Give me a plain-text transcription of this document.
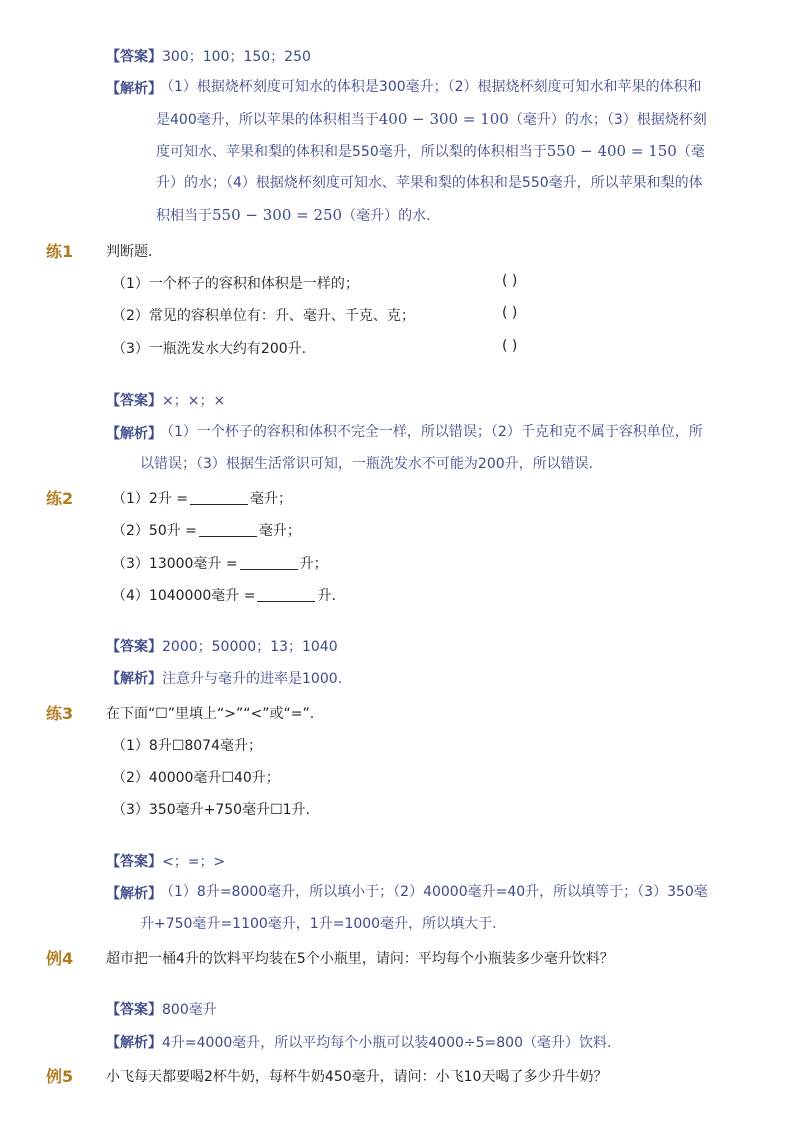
【答案】300；100；150；250
【解析】
（1）根据烧杯刻度可知水的体积是300毫升；（2）根据烧杯刻度可知水和苹果的体积和
是400毫升，所以苹果的体积相当于400 − 300 = 100（毫升）的水；（3）根据烧杯刻
度可知水、苹果和梨的体积和是550毫升，所以梨的体积相当于550 − 400 = 150（毫
升）的水；（4）根据烧杯刻度可知水、苹果和梨的体积和是550毫升，所以苹果和梨的体
积相当于550 − 300 = 250（毫升）的水.
练1 判断题.
（1）一个杯子的容积和体积是一样的；	( )
（2）常见的容积单位有：升、毫升、千克、克；	( )
（3）一瓶洗发水大约有200升.	( )
【答案】×；×；×
【解析】
（1）一个杯子的容积和体积不完全一样，所以错误；（2）千克和克不属于容积单位，所
以错误；（3）根据生活常识可知，一瓶洗发水不可能为200升，所以错误.
练2	（1）2升 =	毫升；
（2）50升 =	毫升；
（3）13000毫升 =	升；
（4）1040000毫升 =	升.
【答案】2000；50000；13；1040
【解析】注意升与毫升的进率是1000.
练3 在下面“☐”里填上“>”“<”或“=”.
（1）8升☐8074毫升；
（2）40000毫升☐40升；
（3）350毫升+750毫升☐1升.
【答案】<；=；>
【解析】
（1）8升=8000毫升，所以填小于；（2）40000毫升=40升，所以填等于；（3）350毫
升+750毫升=1100毫升，1升=1000毫升，所以填大于.
例4 超市把一桶4升的饮料平均装在5个小瓶里，请问：平均每个小瓶装多少毫升饮料？
【答案】800毫升
【解析】4升=4000毫升，所以平均每个小瓶可以装4000÷5=800（毫升）饮料.
例5 小飞每天都要喝2杯牛奶，每杯牛奶450毫升，请问：小飞10天喝了多少升牛奶？
